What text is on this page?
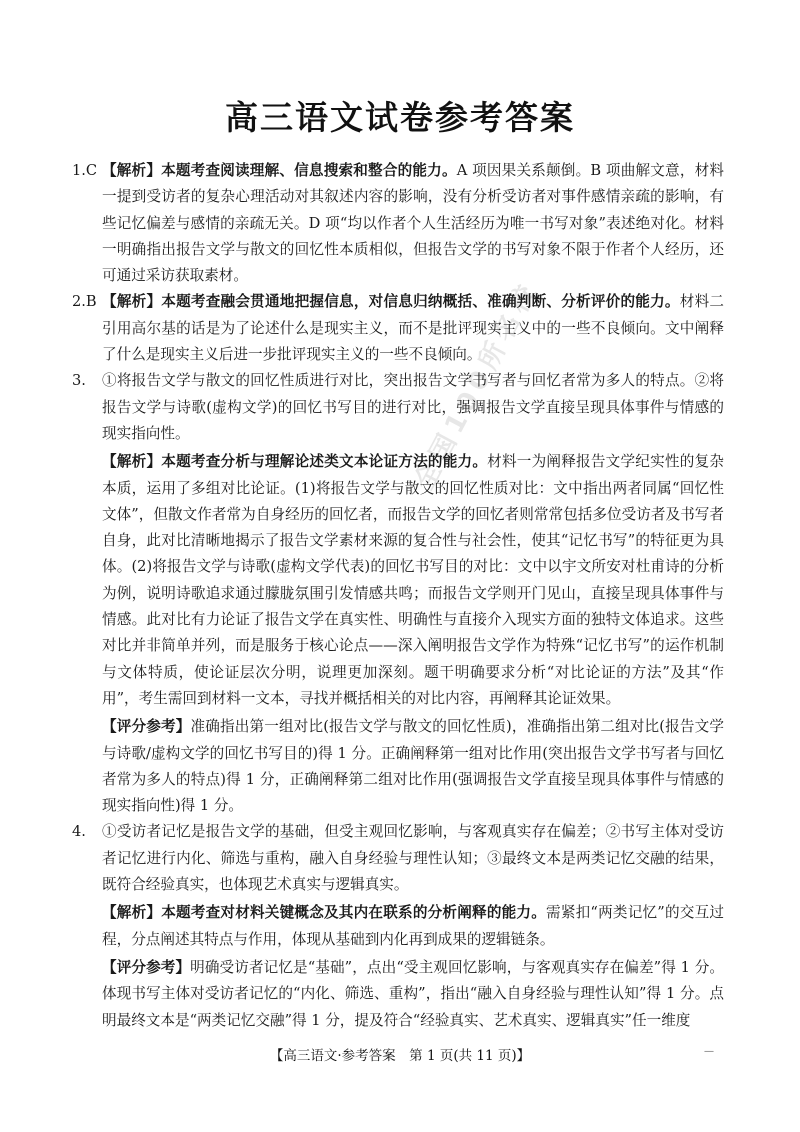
全国100所名校
高三语文试卷参考答案
1.C 【解析】本题考查阅读理解、信息搜索和整合的能力。A 项因果关系颠倒。B 项曲解文意，材料一提到受访者的复杂心理活动对其叙述内容的影响，没有分析受访者对事件感情亲疏的影响，有些记忆偏差与感情的亲疏无关。D 项“均以作者个人生活经历为唯一书写对象”表述绝对化。材料一明确指出报告文学与散文的回忆性本质相似，但报告文学的书写对象不限于作者个人经历，还可通过采访获取素材。
2.B 【解析】本题考查融会贯通地把握信息，对信息归纳概括、准确判断、分析评价的能力。材料二引用高尔基的话是为了论述什么是现实主义，而不是批评现实主义中的一些不良倾向。文中阐释了什么是现实主义后进一步批评现实主义的一些不良倾向。
3.	①将报告文学与散文的回忆性质进行对比，突出报告文学书写者与回忆者常为多人的特点。②将报告文学与诗歌(虚构文学)的回忆书写目的进行对比，强调报告文学直接呈现具体事件与情感的现实指向性。
【解析】本题考查分析与理解论述类文本论证方法的能力。材料一为阐释报告文学纪实性的复杂本质，运用了多组对比论证。(1)将报告文学与散文的回忆性质对比：文中指出两者同属“回忆性文体”，但散文作者常为自身经历的回忆者，而报告文学的回忆者则常常包括多位受访者及书写者自身，此对比清晰地揭示了报告文学素材来源的复合性与社会性，使其“记忆书写”的特征更为具体。(2)将报告文学与诗歌(虚构文学代表)的回忆书写目的对比：文中以宇文所安对杜甫诗的分析为例，说明诗歌追求通过朦胧氛围引发情感共鸣；而报告文学则开门见山，直接呈现具体事件与情感。此对比有力论证了报告文学在真实性、明确性与直接介入现实方面的独特文体追求。这些对比并非简单并列，而是服务于核心论点——深入阐明报告文学作为特殊“记忆书写”的运作机制与文体特质，使论证层次分明，说理更加深刻。题干明确要求分析“对比论证的方法”及其“作用”，考生需回到材料一文本，寻找并概括相关的对比内容，再阐释其论证效果。
【评分参考】准确指出第一组对比(报告文学与散文的回忆性质)，准确指出第二组对比(报告文学与诗歌/虚构文学的回忆书写目的)得 1 分。正确阐释第一组对比作用(突出报告文学书写者与回忆者常为多人的特点)得 1 分，正确阐释第二组对比作用(强调报告文学直接呈现具体事件与情感的现实指向性)得 1 分。
4.	①受访者记忆是报告文学的基础，但受主观回忆影响，与客观真实存在偏差；②书写主体对受访者记忆进行内化、筛选与重构，融入自身经验与理性认知；③最终文本是两类记忆交融的结果，既符合经验真实，也体现艺术真实与逻辑真实。
【解析】本题考查对材料关键概念及其内在联系的分析阐释的能力。需紧扣“两类记忆”的交互过程，分点阐述其特点与作用，体现从基础到内化再到成果的逻辑链条。
【评分参考】明确受访者记忆是“基础”，点出“受主观回忆影响，与客观真实存在偏差”得 1 分。体现书写主体对受访者记忆的“内化、筛选、重构”，指出“融入自身经验与理性认知”得 1 分。点明最终文本是“两类记忆交融”得 1 分，提及符合“经验真实、艺术真实、逻辑真实”任一维度
【高三语文·参考答案　第 1 页(共 11 页)】	—
